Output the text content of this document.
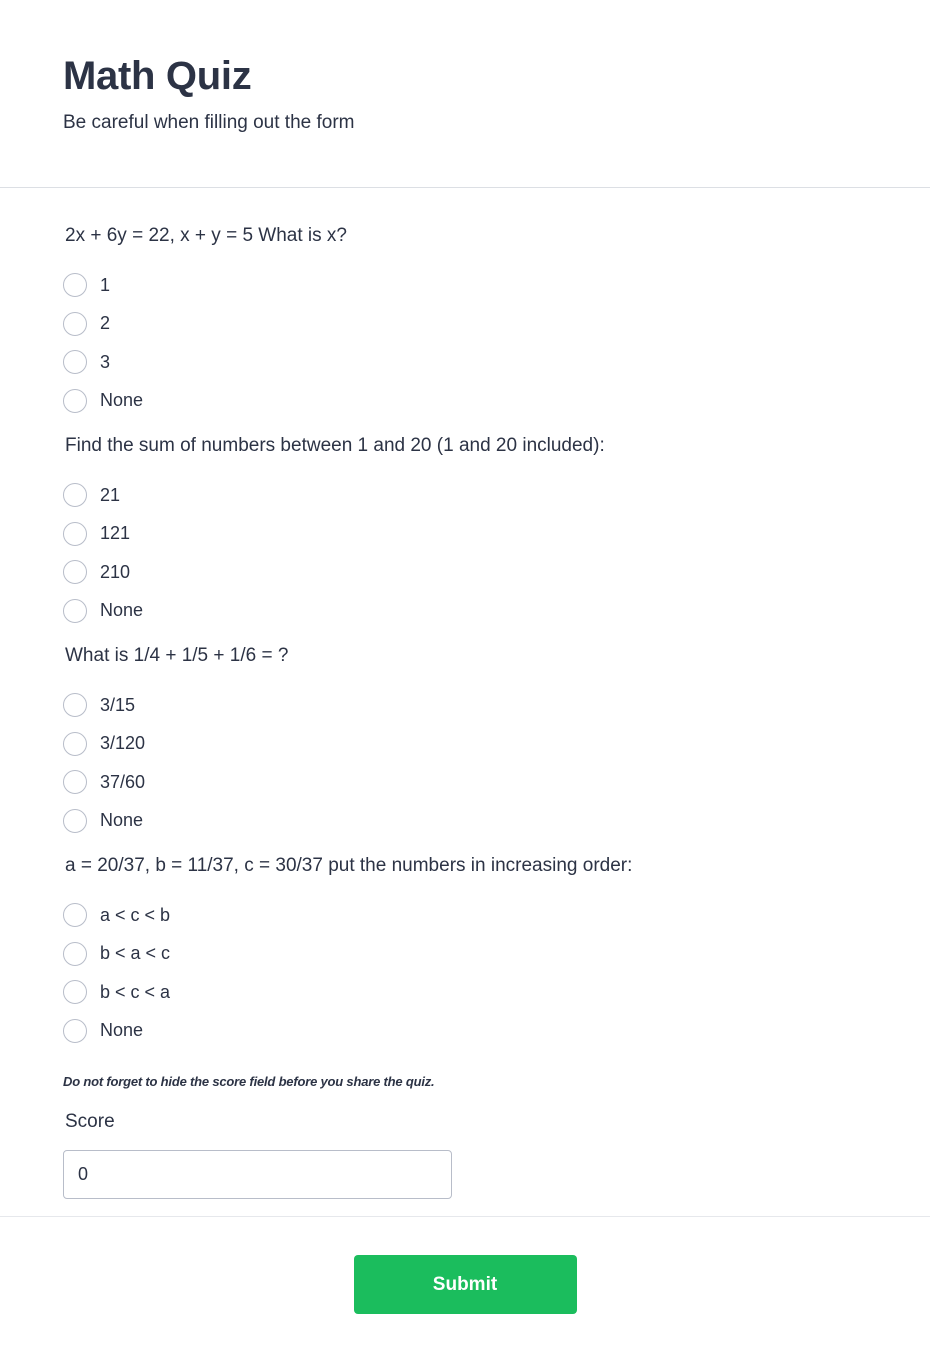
Math Quiz

Be careful when filling out the form

2x + 6y = 22, x + y = 5 What is x?
1
2
3
None
Find the sum of numbers between 1 and 20 (1 and 20 included):
21
121
210
None
What is 1/4 + 1/5 + 1/6 = ?
3/15
3/120
37/60
None
a = 20/37, b = 11/37, c = 30/37 put the numbers in increasing order:
a < c < b
b < a < c
b < c < a
None

Do not forget to hide the score field before you share the quiz.

Score
0
Submit
